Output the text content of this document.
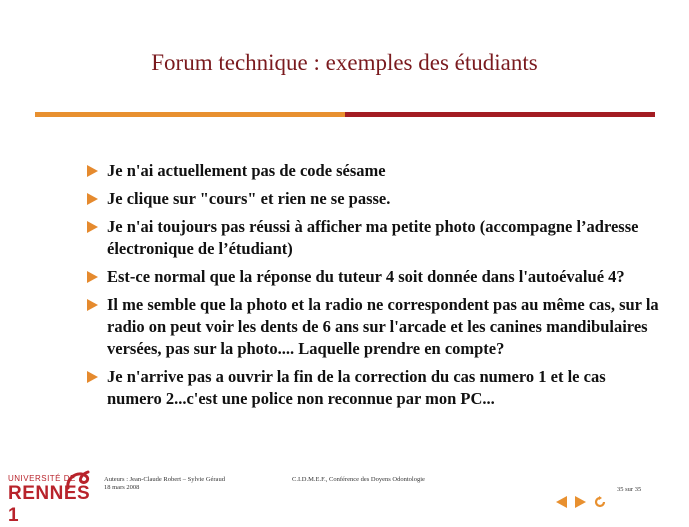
Forum technique : exemples des étudiants
Je n'ai actuellement pas de code sésame
Je clique sur "cours" et rien ne se passe.
Je n'ai toujours pas réussi à afficher ma petite photo (accompagne l’adresse électronique de l’étudiant)
Est-ce normal que la réponse du tuteur 4 soit donnée dans l'autoévalué 4?
Il me semble que la photo et la radio ne correspondent pas au même cas, sur la radio on peut voir les dents de 6 ans sur l'arcade et les canines mandibulaires versées, pas sur la photo.... Laquelle prendre en compte?
Je n'arrive pas a ouvrir la fin de la correction du cas numero 1 et le cas numero 2...c'est une police non reconnue par mon PC...
UNIVERSITÉ DE
RENNES 1
Auteurs : Jean-Claude Robert – Sylvie Géraud
18 mars 2008
C.I.D.M.E.F., Conférence des Doyens Odontologie
35 sur 35
